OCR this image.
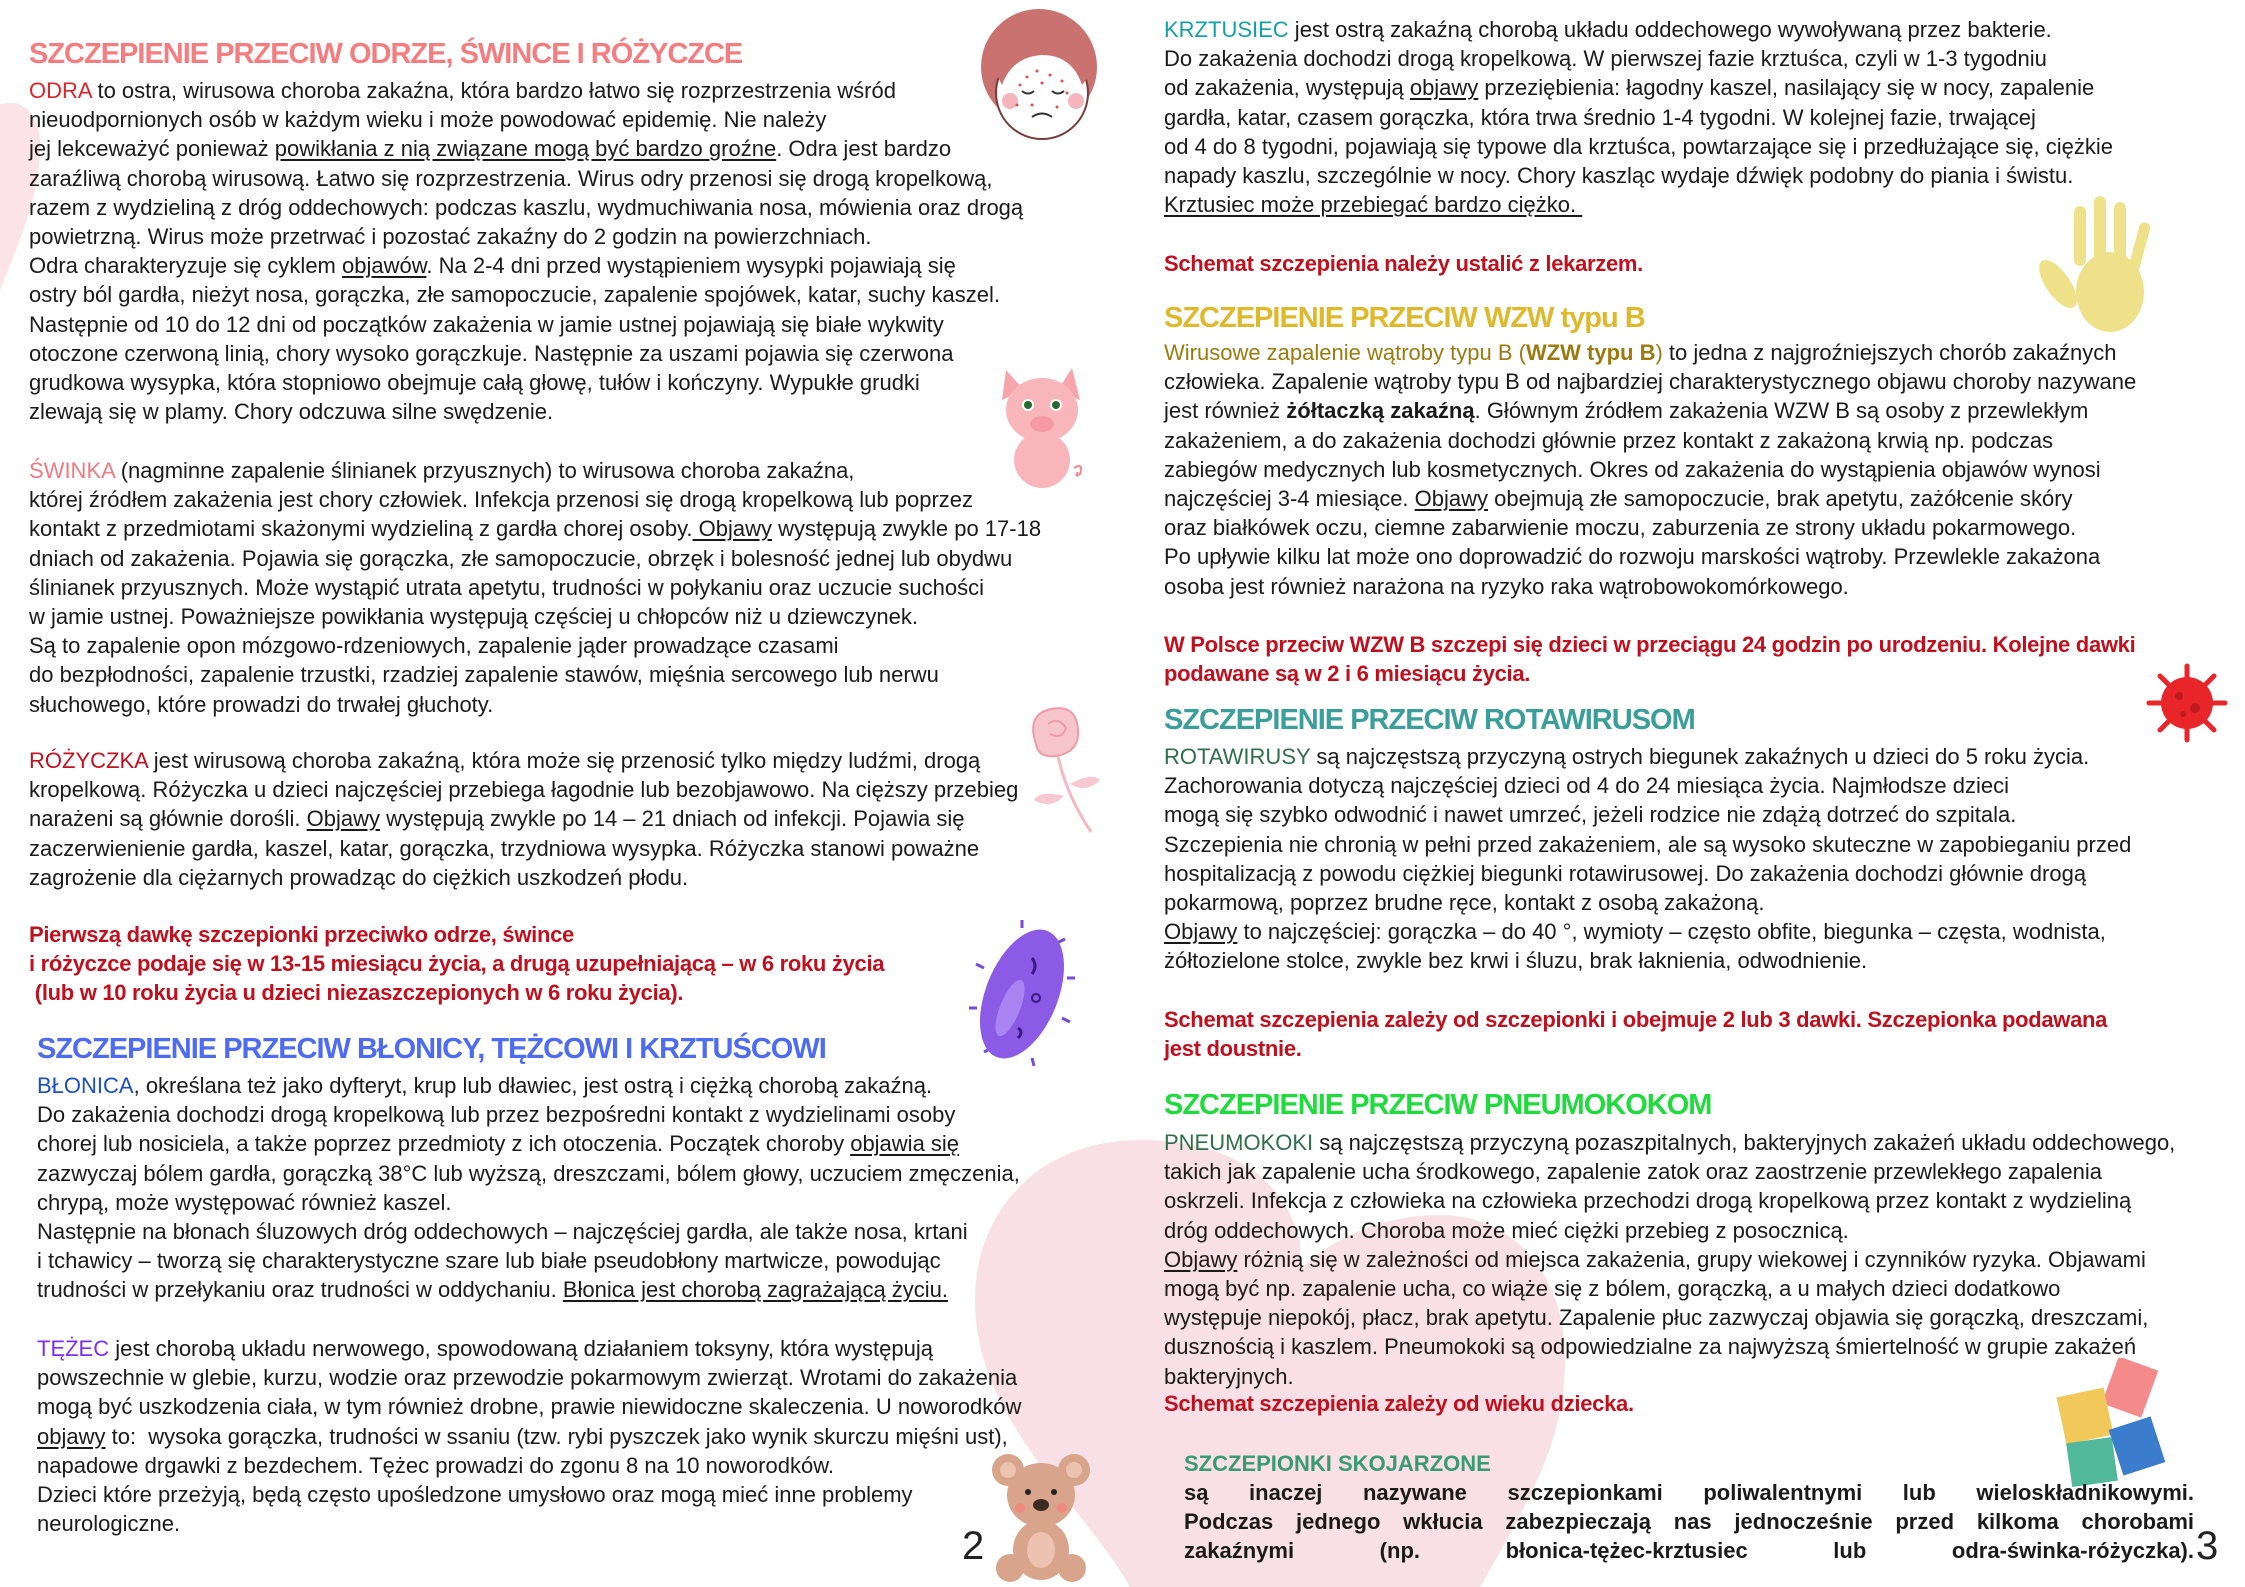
SZCZEPIENIE PRZECIW ODRZE, ŚWINCE I RÓŻYCZCE
ODRA to ostra, wirusowa choroba zakaźna, która bardzo łatwo się rozprzestrzenia wśród
nieuodpornionych osób w każdym wieku i może powodować epidemię. Nie należy
jej lekceważyć ponieważ powikłania z nią związane mogą być bardzo groźne. Odra jest bardzo
zaraźliwą chorobą wirusową. Łatwo się rozprzestrzenia. Wirus odry przenosi się drogą kropelkową,
razem z wydzieliną z dróg oddechowych: podczas kaszlu, wydmuchiwania nosa, mówienia oraz drogą
powietrzną. Wirus może przetrwać i pozostać zakaźny do 2 godzin na powierzchniach.
Odra charakteryzuje się cyklem objawów. Na 2-4 dni przed wystąpieniem wysypki pojawiają się
ostry ból gardła, nieżyt nosa, gorączka, złe samopoczucie, zapalenie spojówek, katar, suchy kaszel.
Następnie od 10 do 12 dni od początków zakażenia w jamie ustnej pojawiają się białe wykwity
otoczone czerwoną linią, chory wysoko gorączkuje. Następnie za uszami pojawia się czerwona
grudkowa wysypka, która stopniowo obejmuje całą głowę, tułów i kończyny. Wypukłe grudki
zlewają się w plamy. Chory odczuwa silne swędzenie.
ŚWINKA (nagminne zapalenie ślinianek przyusznych) to wirusowa choroba zakaźna,
której źródłem zakażenia jest chory człowiek. Infekcja przenosi się drogą kropelkową lub poprzez
kontakt z przedmiotami skażonymi wydzieliną z gardła chorej osoby. Objawy występują zwykle po 17-18
dniach od zakażenia. Pojawia się gorączka, złe samopoczucie, obrzęk i bolesność jednej lub obydwu
ślinianek przyusznych. Może wystąpić utrata apetytu, trudności w połykaniu oraz uczucie suchości
w jamie ustnej. Poważniejsze powikłania występują częściej u chłopców niż u dziewczynek.
Są to zapalenie opon mózgowo-rdzeniowych, zapalenie jąder prowadzące czasami
do bezpłodności, zapalenie trzustki, rzadziej zapalenie stawów, mięśnia sercowego lub nerwu
słuchowego, które prowadzi do trwałej głuchoty.
RÓŻYCZKA jest wirusową choroba zakaźną, która może się przenosić tylko między ludźmi, drogą
kropelkową. Różyczka u dzieci najczęściej przebiega łagodnie lub bezobjawowo. Na cięższy przebieg
narażeni są głównie dorośli. Objawy występują zwykle po 14 – 21 dniach od infekcji. Pojawia się
zaczerwienienie gardła, kaszel, katar, gorączka, trzydniowa wysypka. Różyczka stanowi poważne
zagrożenie dla ciężarnych prowadząc do ciężkich uszkodzeń płodu.
Pierwszą dawkę szczepionki przeciwko odrze, śwince
i różyczce podaje się w 13-15 miesiącu życia, a drugą uzupełniającą – w 6 roku życia
(lub w 10 roku życia u dzieci niezaszczepionych w 6 roku życia).
SZCZEPIENIE PRZECIW BŁONICY, TĘŻCOWI I KRZTUŚCOWI
BŁONICA, określana też jako dyfteryt, krup lub dławiec, jest ostrą i ciężką chorobą zakaźną.
Do zakażenia dochodzi drogą kropelkową lub przez bezpośredni kontakt z wydzielinami osoby
chorej lub nosiciela, a także poprzez przedmioty z ich otoczenia. Początek choroby objawia się
zazwyczaj bólem gardła, gorączką 38°C lub wyższą, dreszczami, bólem głowy, uczuciem zmęczenia,
chrypą, może występować również kaszel.
Następnie na błonach śluzowych dróg oddechowych – najczęściej gardła, ale także nosa, krtani
i tchawicy – tworzą się charakterystyczne szare lub białe pseudobłony martwicze, powodując
trudności w przełykaniu oraz trudności w oddychaniu. Błonica jest chorobą zagrażającą życiu.
TĘŻEC jest chorobą układu nerwowego, spowodowaną działaniem toksyny, która występują
powszechnie w glebie, kurzu, wodzie oraz przewodzie pokarmowym zwierząt. Wrotami do zakażenia
mogą być uszkodzenia ciała, w tym również drobne, prawie niewidoczne skaleczenia. U noworodków
objawy to:  wysoka gorączka, trudności w ssaniu (tzw. rybi pyszczek jako wynik skurczu mięśni ust),
napadowe drgawki z bezdechem. Tężec prowadzi do zgonu 8 na 10 noworodków.
Dzieci które przeżyją, będą często upośledzone umysłowo oraz mogą mieć inne problemy
neurologiczne.
2
KRZTUSIEC jest ostrą zakaźną chorobą układu oddechowego wywoływaną przez bakterie.
Do zakażenia dochodzi drogą kropelkową. W pierwszej fazie krztuśca, czyli w 1-3 tygodniu
od zakażenia, występują objawy przeziębienia: łagodny kaszel, nasilający się w nocy, zapalenie
gardła, katar, czasem gorączka, która trwa średnio 1-4 tygodni. W kolejnej fazie, trwającej
od 4 do 8 tygodni, pojawiają się typowe dla krztuśca, powtarzające się i przedłużające się, ciężkie
napady kaszlu, szczególnie w nocy. Chory kaszląc wydaje dźwięk podobny do piania i świstu.
Krztusiec może przebiegać bardzo ciężko.
Schemat szczepienia należy ustalić z lekarzem.
SZCZEPIENIE PRZECIW WZW typu B
Wirusowe zapalenie wątroby typu B (WZW typu B) to jedna z najgroźniejszych chorób zakaźnych
człowieka. Zapalenie wątroby typu B od najbardziej charakterystycznego objawu choroby nazywane
jest również żółtaczką zakaźną. Głównym źródłem zakażenia WZW B są osoby z przewlekłym
zakażeniem, a do zakażenia dochodzi głównie przez kontakt z zakażoną krwią np. podczas
zabiegów medycznych lub kosmetycznych. Okres od zakażenia do wystąpienia objawów wynosi
najczęściej 3-4 miesiące. Objawy obejmują złe samopoczucie, brak apetytu, zażółcenie skóry
oraz białkówek oczu, ciemne zabarwienie moczu, zaburzenia ze strony układu pokarmowego.
Po upływie kilku lat może ono doprowadzić do rozwoju marskości wątroby. Przewlekle zakażona
osoba jest również narażona na ryzyko raka wątrobowokomórkowego.
W Polsce przeciw WZW B szczepi się dzieci w przeciągu 24 godzin po urodzeniu. Kolejne dawki
podawane są w 2 i 6 miesiącu życia.
SZCZEPIENIE PRZECIW ROTAWIRUSOM
ROTAWIRUSY są najczęstszą przyczyną ostrych biegunek zakaźnych u dzieci do 5 roku życia.
Zachorowania dotyczą najczęściej dzieci od 4 do 24 miesiąca życia. Najmłodsze dzieci
mogą się szybko odwodnić i nawet umrzeć, jeżeli rodzice nie zdążą dotrzeć do szpitala.
Szczepienia nie chronią w pełni przed zakażeniem, ale są wysoko skuteczne w zapobieganiu przed
hospitalizacją z powodu ciężkiej biegunki rotawirusowej. Do zakażenia dochodzi głównie drogą
pokarmową, poprzez brudne ręce, kontakt z osobą zakażoną.
Objawy to najczęściej: gorączka – do 40 °, wymioty – często obfite, biegunka – częsta, wodnista,
żółtozielone stolce, zwykle bez krwi i śluzu, brak łaknienia, odwodnienie.
Schemat szczepienia zależy od szczepionki i obejmuje 2 lub 3 dawki. Szczepionka podawana
jest doustnie.
SZCZEPIENIE PRZECIW PNEUMOKOKOM
PNEUMOKOKI są najczęstszą przyczyną pozaszpitalnych, bakteryjnych zakażeń układu oddechowego,
takich jak zapalenie ucha środkowego, zapalenie zatok oraz zaostrzenie przewlekłego zapalenia
oskrzeli. Infekcja z człowieka na człowieka przechodzi drogą kropelkową przez kontakt z wydzieliną
dróg oddechowych. Choroba może mieć ciężki przebieg z posocznicą.
Objawy różnią się w zależności od miejsca zakażenia, grupy wiekowej i czynników ryzyka. Objawami
mogą być np. zapalenie ucha, co wiąże się z bólem, gorączką, a u małych dzieci dodatkowo
występuje niepokój, płacz, brak apetytu. Zapalenie płuc zazwyczaj objawia się gorączką, dreszczami,
dusznością i kaszlem. Pneumokoki są odpowiedzialne za najwyższą śmiertelność w grupie zakażeń
bakteryjnych.
Schemat szczepienia zależy od wieku dziecka.
SZCZEPIONKI SKOJARZONE
są inaczej nazywane szczepionkami poliwalentnymi lub wieloskładnikowymi.
Podczas jednego wkłucia zabezpieczają nas jednocześnie przed kilkoma chorobami
zakaźnymi (np. błonica-tężec-krztusiec lub odra-świnka-różyczka). 3
